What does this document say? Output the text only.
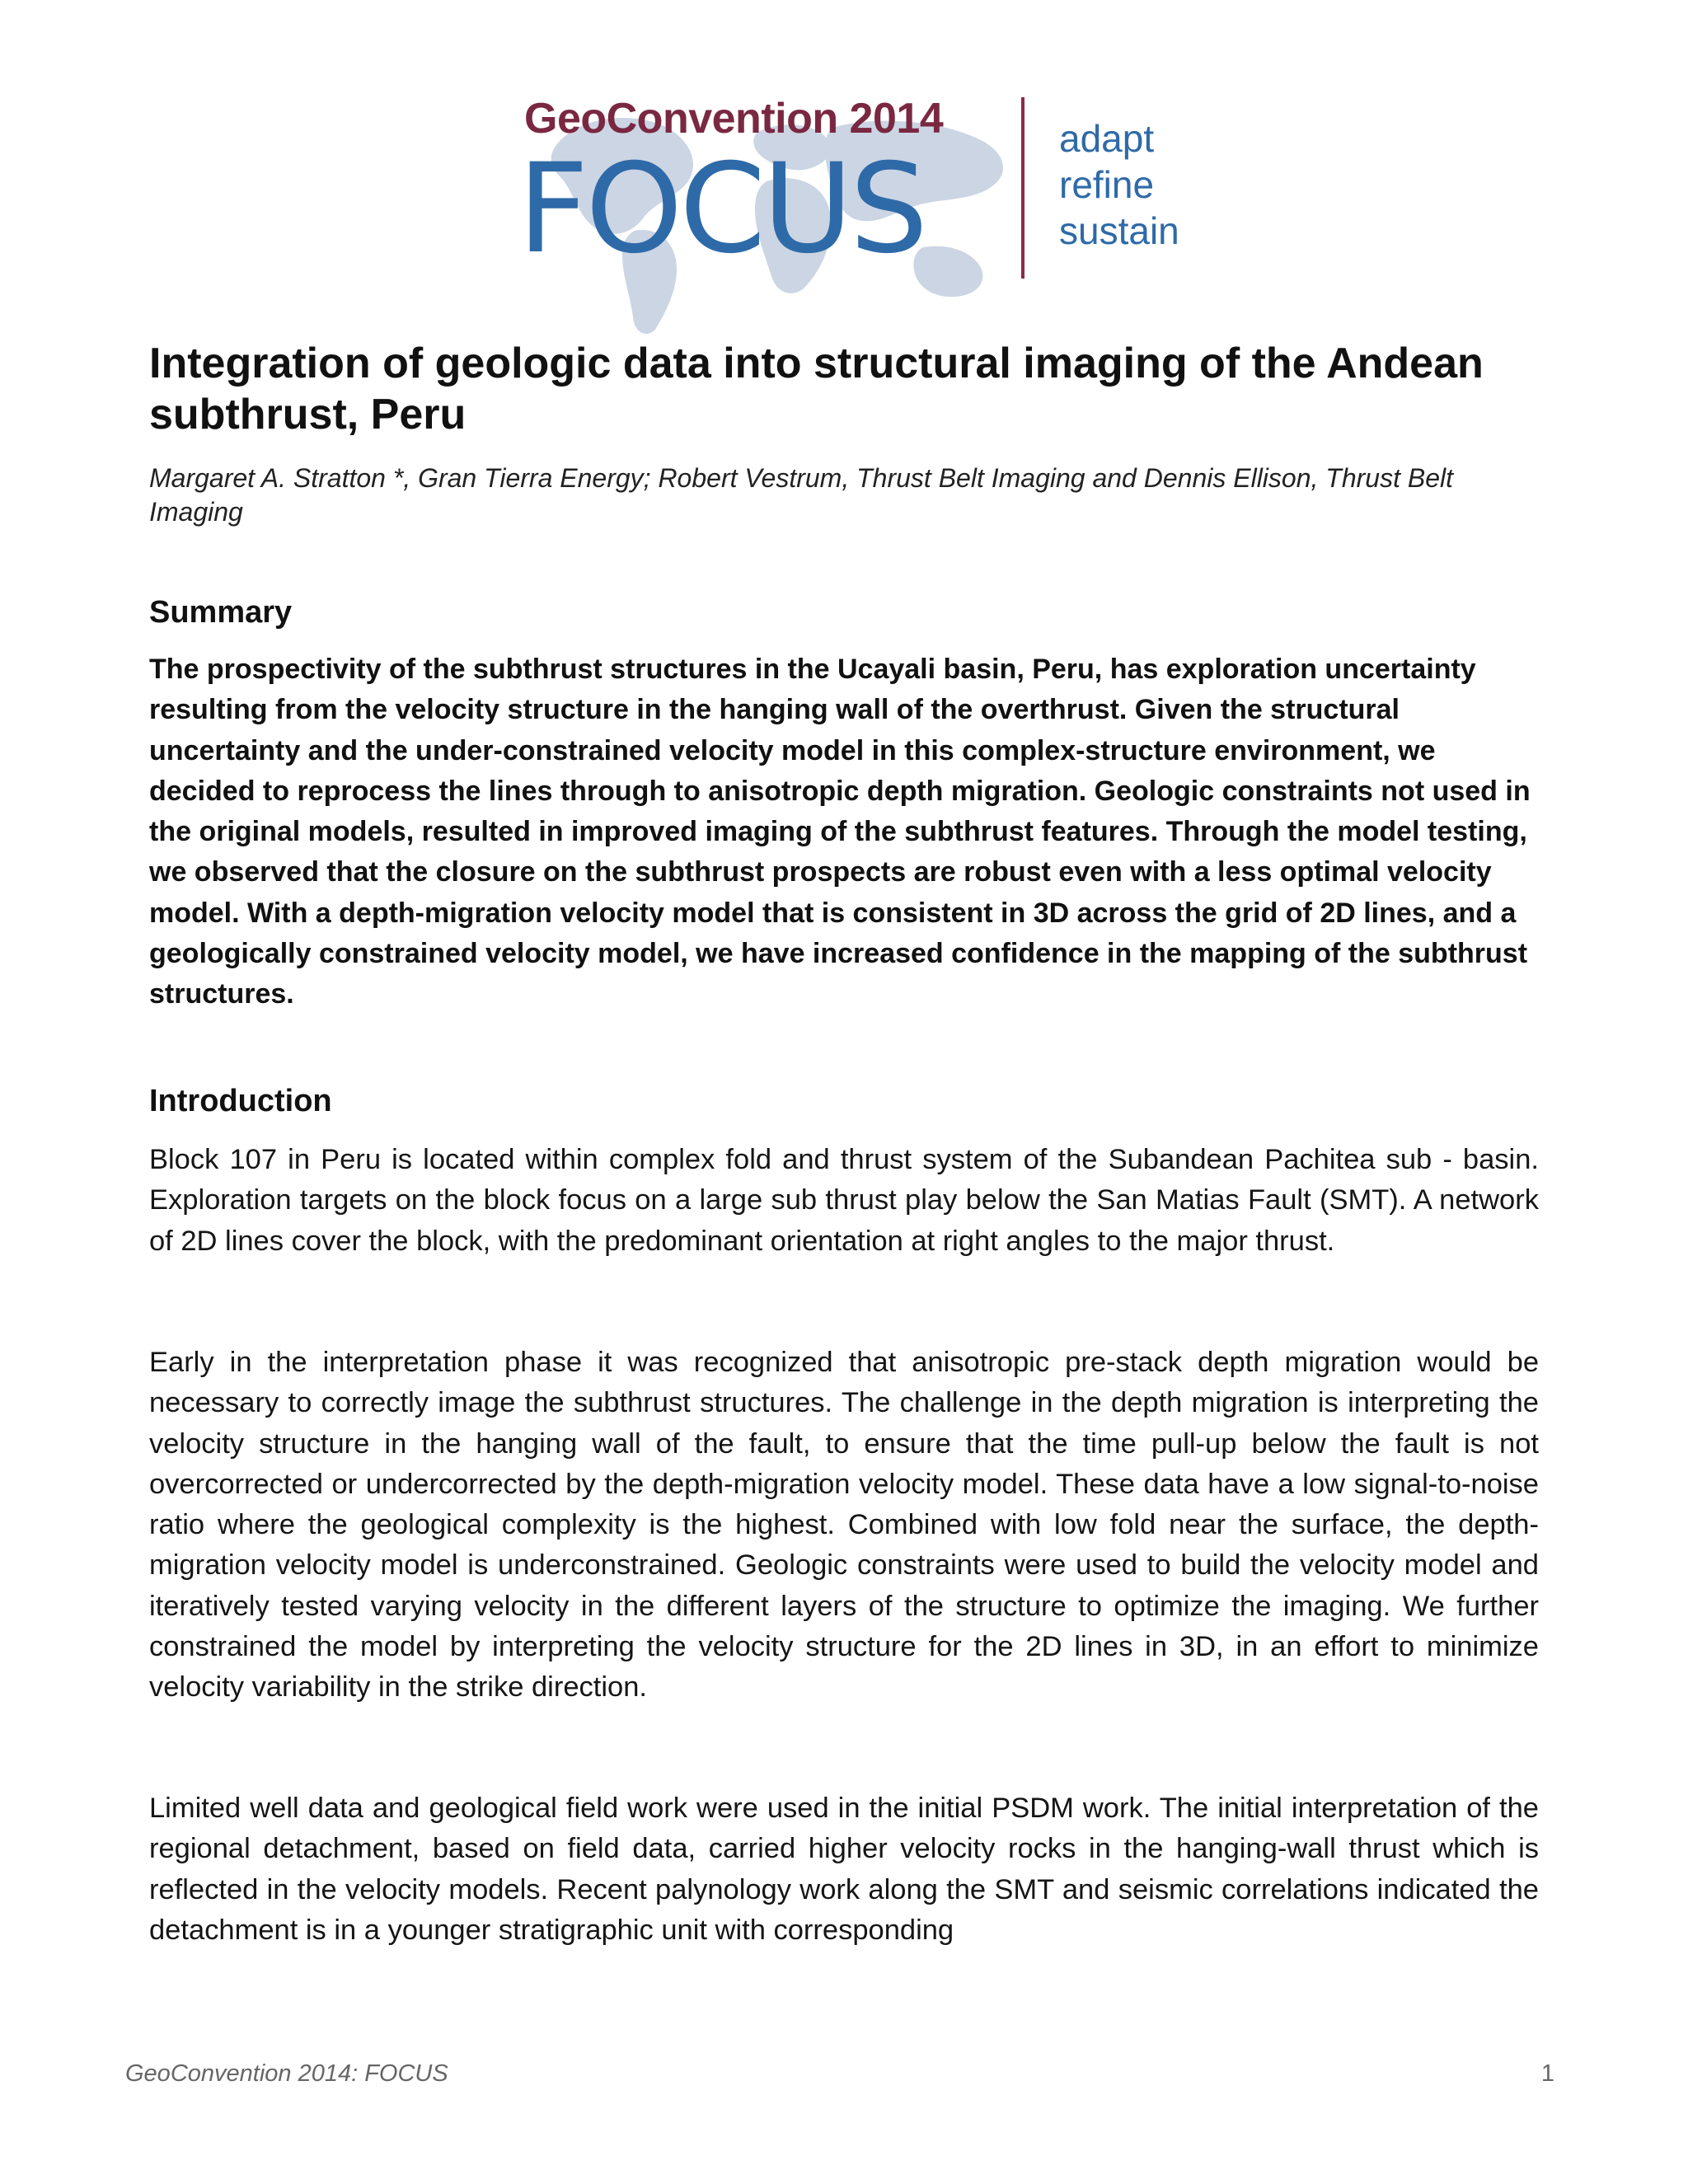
GeoConvention 2014
FOCUS	adapt
refine
sustain
Integration of geologic data into structural imaging of the Andean subthrust, Peru
Margaret A. Stratton *, Gran Tierra Energy; Robert Vestrum, Thrust Belt Imaging and Dennis Ellison, Thrust Belt Imaging
Summary
The prospectivity of the subthrust structures in the Ucayali basin, Peru, has exploration uncertainty resulting from the velocity structure in the hanging wall of the overthrust. Given the structural uncertainty and the under-constrained velocity model in this complex-structure environment, we decided to reprocess the lines through to anisotropic depth migration. Geologic constraints not used in the original models, resulted in improved imaging of the subthrust features. Through the model testing, we observed that the closure on the subthrust prospects are robust even with a less optimal velocity model. With a depth-migration velocity model that is consistent in 3D across the grid of 2D lines, and a geologically constrained velocity model, we have increased confidence in the mapping of the subthrust structures.
Introduction
Block 107 in Peru is located within complex fold and thrust system of the Subandean Pachitea sub - basin. Exploration targets on the block focus on a large sub thrust play below the San Matias Fault (SMT). A network of 2D lines cover the block, with the predominant orientation at right angles to the major thrust.
Early in the interpretation phase it was recognized that anisotropic pre-stack depth migration would be necessary to correctly image the subthrust structures. The challenge in the depth migration is interpreting the velocity structure in the hanging wall of the fault, to ensure that the time pull-up below the fault is not overcorrected or undercorrected by the depth-migration velocity model. These data have a low signal-to-noise ratio where the geological complexity is the highest. Combined with low fold near the surface, the depth-migration velocity model is underconstrained. Geologic constraints were used to build the velocity model and iteratively tested varying velocity in the different layers of the structure to optimize the imaging. We further constrained the model by interpreting the velocity structure for the 2D lines in 3D, in an effort to minimize velocity variability in the strike direction.
Limited well data and geological field work were used in the initial PSDM work. The initial interpretation of the regional detachment, based on field data, carried higher velocity rocks in the hanging-wall thrust which is reflected in the velocity models. Recent palynology work along the SMT and seismic correlations indicated the detachment is in a younger stratigraphic unit with corresponding
GeoConvention 2014: FOCUS	1
